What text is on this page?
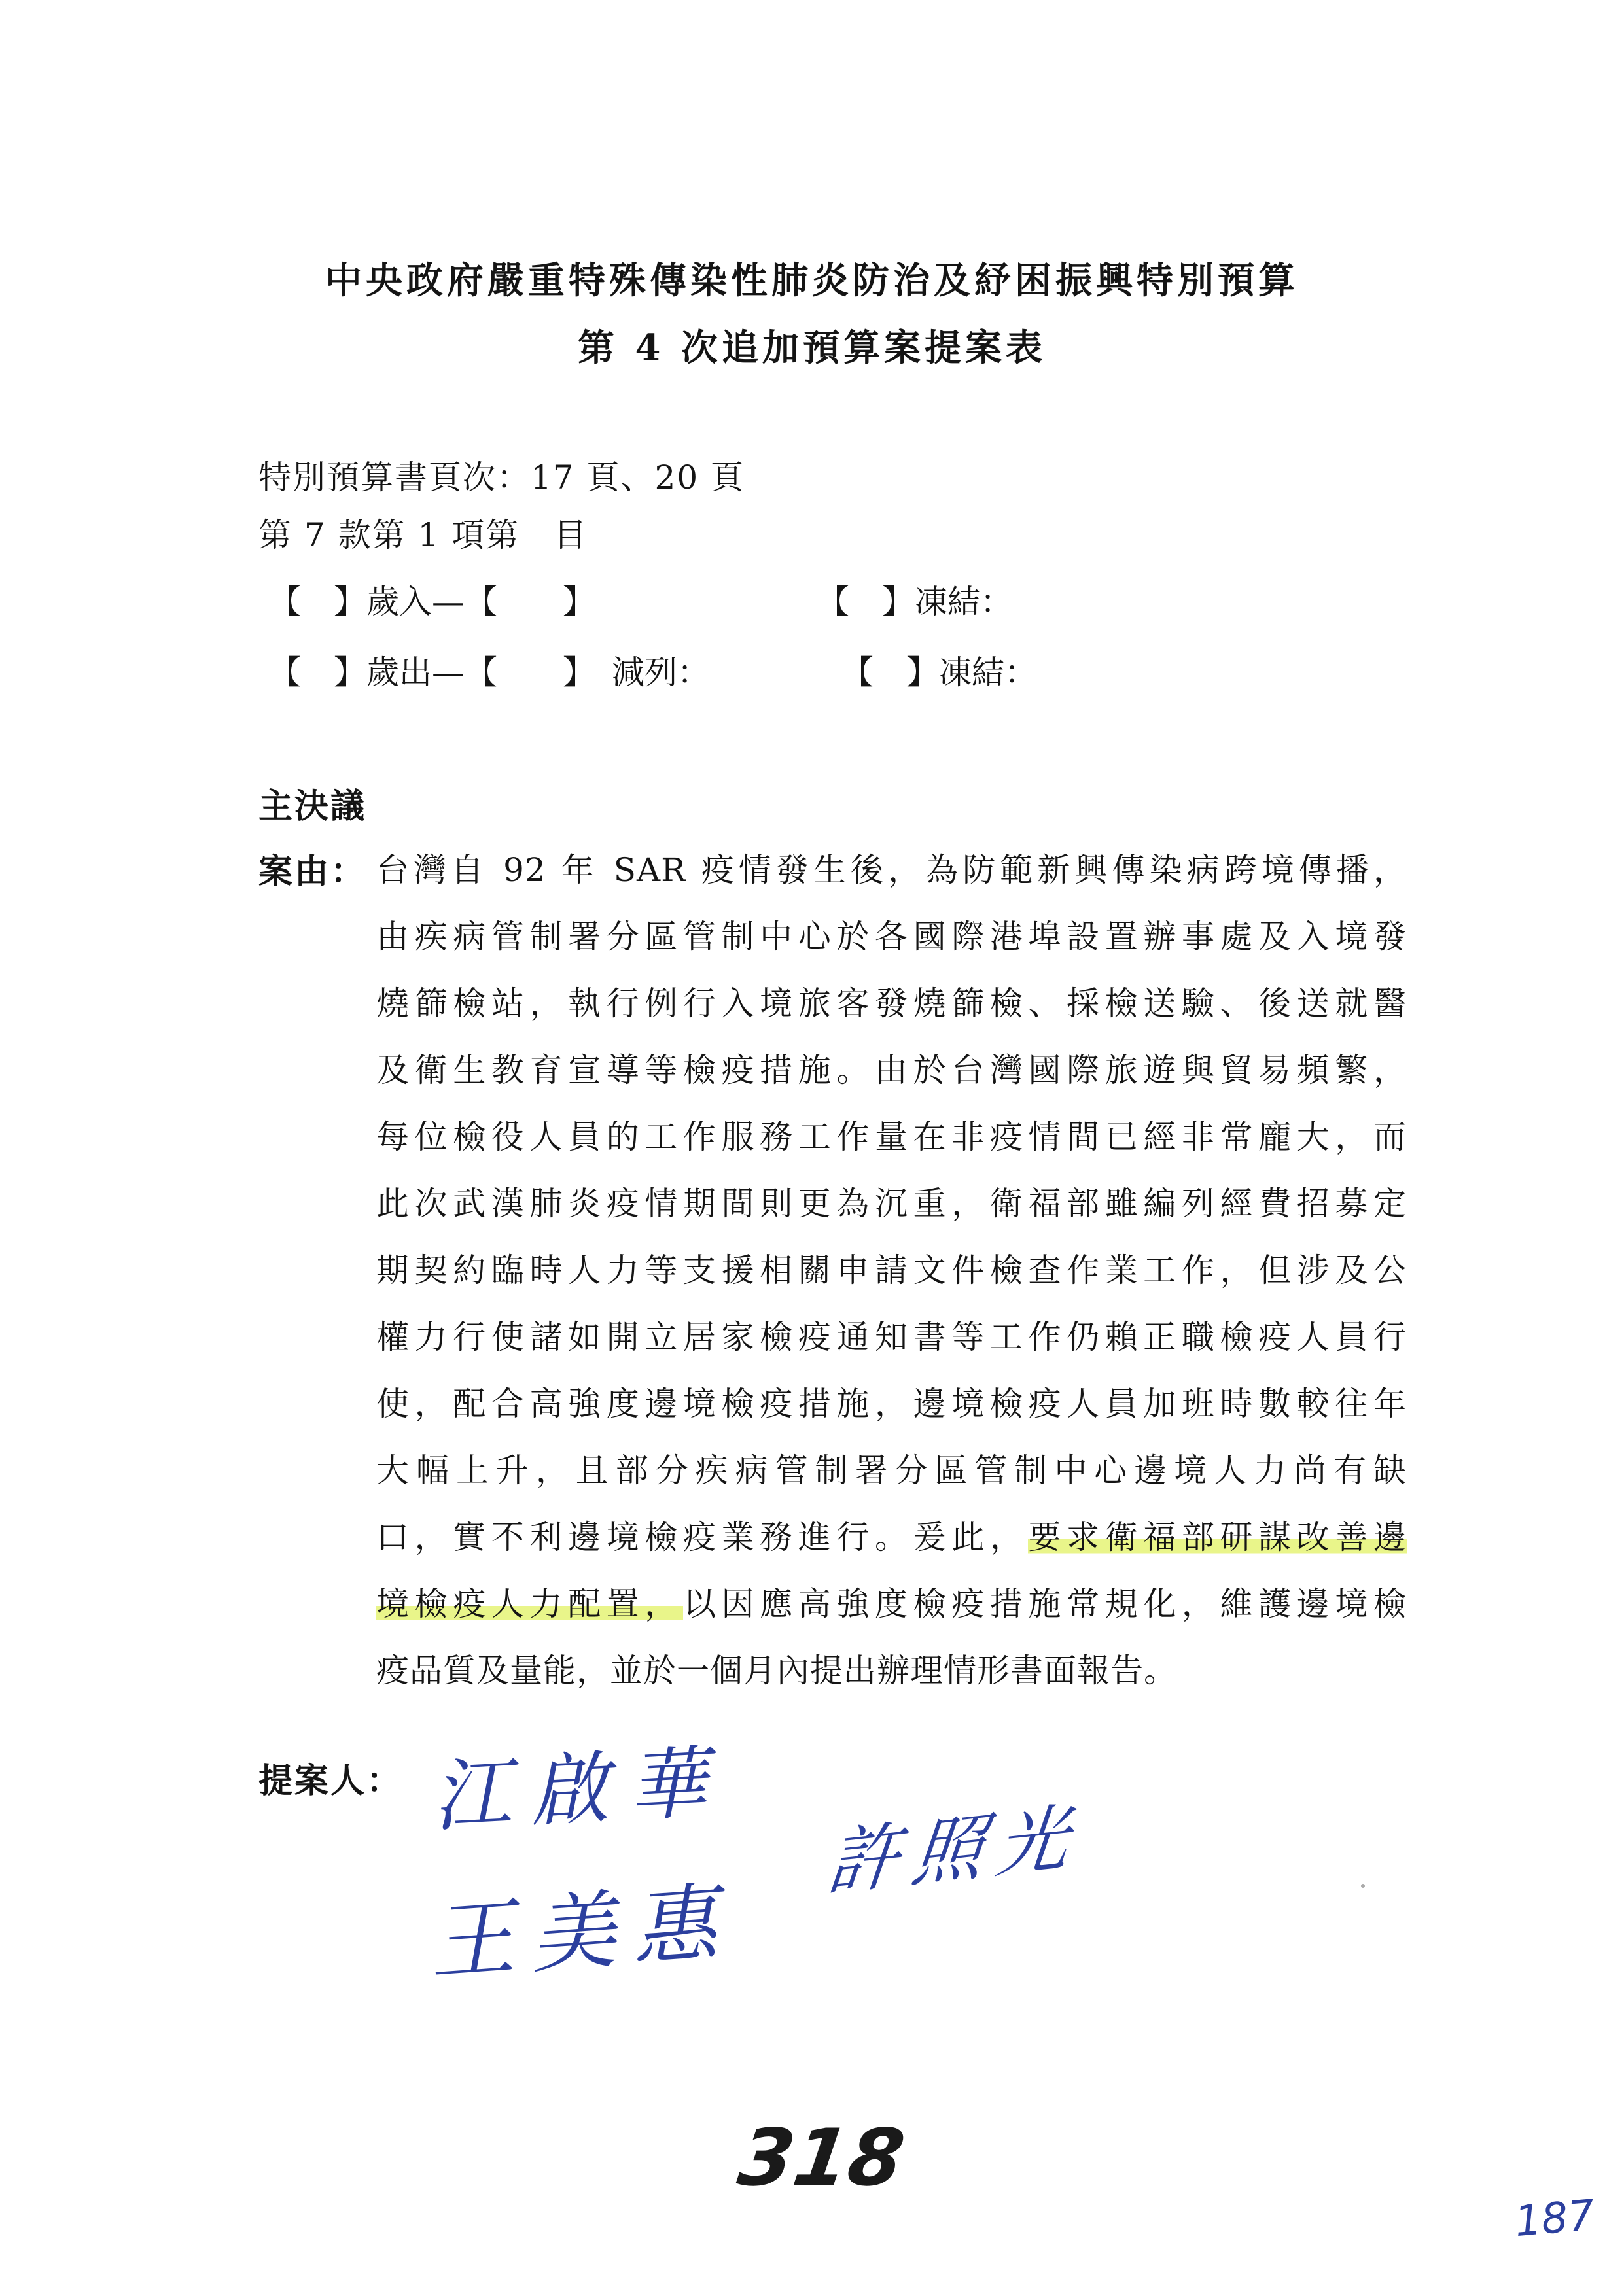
中央政府嚴重特殊傳染性肺炎防治及紓困振興特別預算
第 4 次追加預算案提案表
特別預算書頁次：17 頁、20 頁
第 7 款第 1 項第　目
【　】歲入—【　　】	【　】凍結：
【　】歲出—【　　】 減列：	【　】凍結：
主決議
案由： 台灣自 92 年 SAR 疫情發生後，為防範新興傳染病跨境傳播，
由疾病管制署分區管制中心於各國際港埠設置辦事處及入境發
燒篩檢站，執行例行入境旅客發燒篩檢、採檢送驗、後送就醫
及衛生教育宣導等檢疫措施。由於台灣國際旅遊與貿易頻繁，
每位檢役人員的工作服務工作量在非疫情間已經非常龐大，而
此次武漢肺炎疫情期間則更為沉重，衛福部雖編列經費招募定
期契約臨時人力等支援相關申請文件檢查作業工作，但涉及公
權力行使諸如開立居家檢疫通知書等工作仍賴正職檢疫人員行
使，配合高強度邊境檢疫措施，邊境檢疫人員加班時數較往年
大幅上升，且部分疾病管制署分區管制中心邊境人力尚有缺
口，實不利邊境檢疫業務進行。爰此，要求衛福部研謀改善邊
境檢疫人力配置，以因應高強度檢疫措施常規化，維護邊境檢
疫品質及量能，並於一個月內提出辦理情形書面報告。
提案人： 江啟華
王美惠
許照光
318
187
